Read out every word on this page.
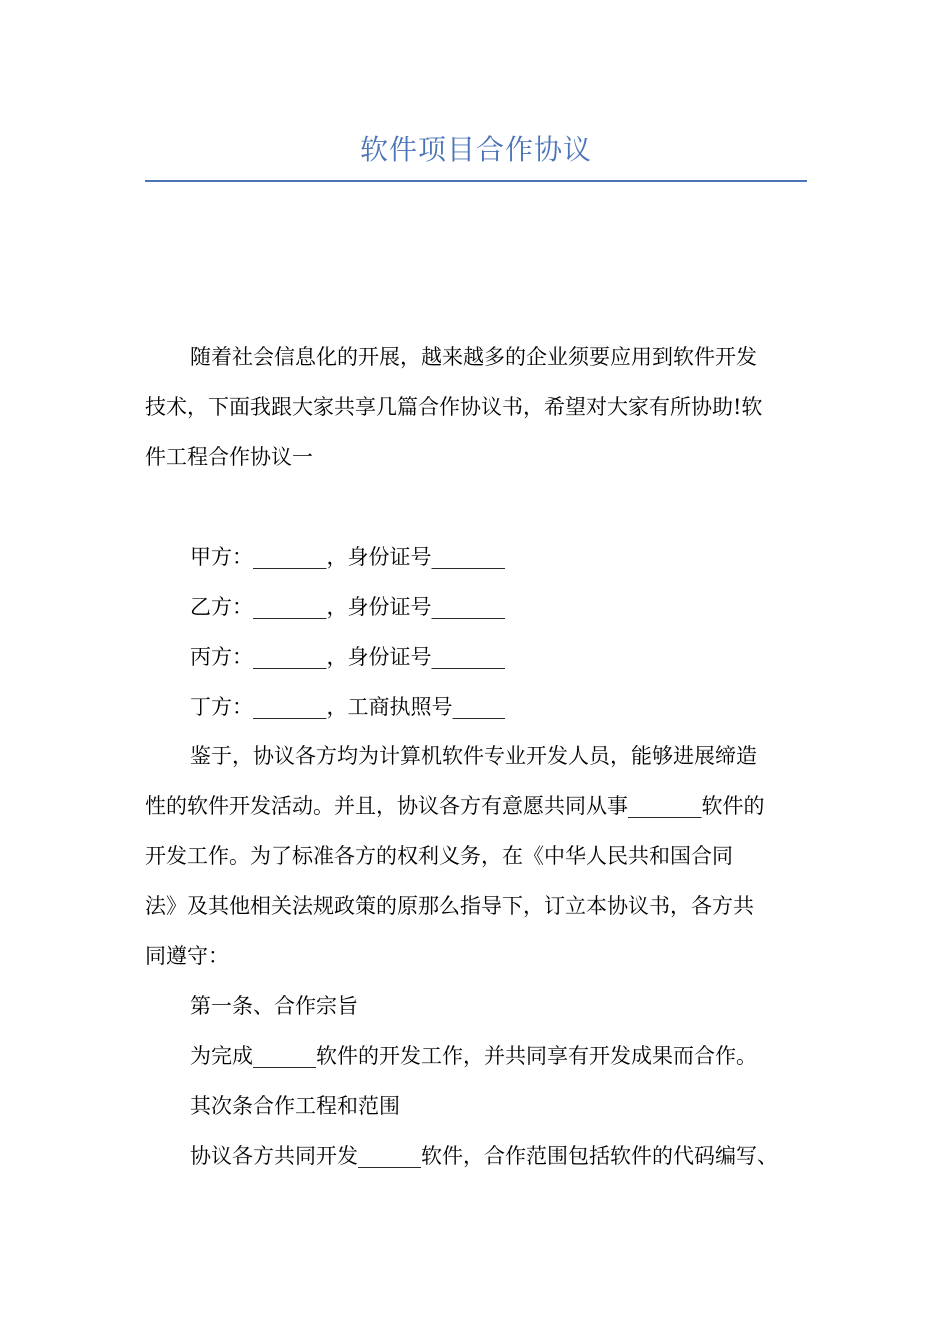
软件项目合作协议
随着社会信息化的开展，越来越多的企业须要应用到软件开发
技术，下面我跟大家共享几篇合作协议书，希望对大家有所协助!软
件工程合作协议一
甲方：_______，身份证号_______
乙方：_______，身份证号_______
丙方：_______，身份证号_______
丁方：_______，工商执照号_____
鉴于，协议各方均为计算机软件专业开发人员，能够进展缔造
性的软件开发活动。并且，协议各方有意愿共同从事_______软件的
开发工作。为了标准各方的权利义务，在《中华人民共和国合同
法》及其他相关法规政策的原那么指导下，订立本协议书，各方共
同遵守：
第一条、合作宗旨
为完成______软件的开发工作，并共同享有开发成果而合作。
其次条合作工程和范围
协议各方共同开发______软件，合作范围包括软件的代码编写、
